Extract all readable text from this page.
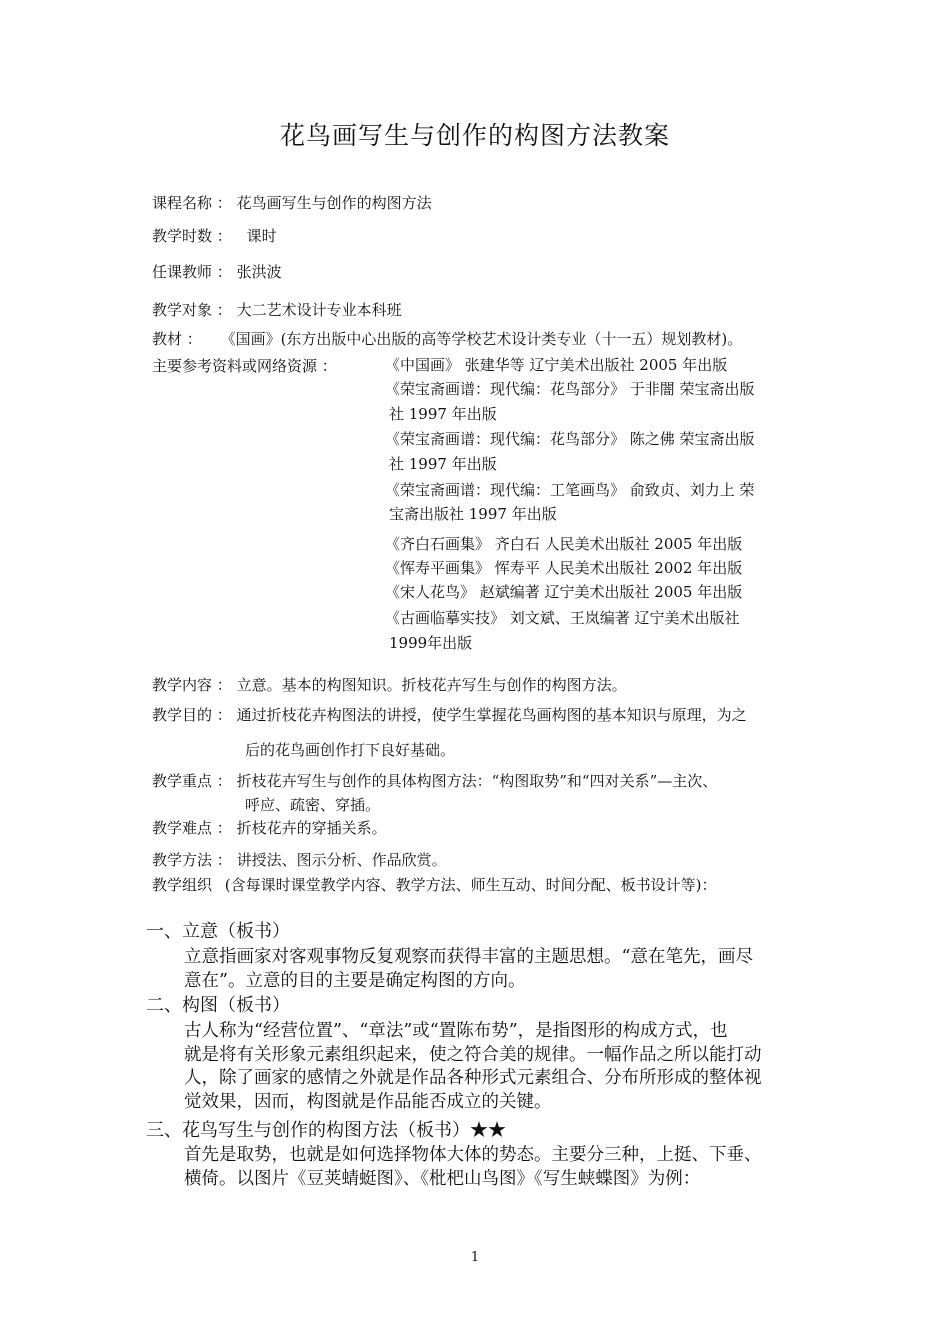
花鸟画写生与创作的构图方法教案
课程名称 ： 花鸟画写生与创作的构图方法
教学时数 ： 课时
任课教师 ： 张洪波
教学对象 ： 大二艺术设计专业本科班
教材 ： 《国画》(东方出版中心出版的高等学校艺术设计类专业（十一五）规划教材)。
主要参考资料或网络资源 ：	《中国画》 张建华等 辽宁美术出版社 2005 年出版
《荣宝斋画谱：现代编：花鸟部分》 于非闇 荣宝斋出版
社 1997 年出版
《荣宝斋画谱：现代编：花鸟部分》 陈之佛 荣宝斋出版
社 1997 年出版
《荣宝斋画谱：现代编：工笔画鸟》 俞致贞、刘力上 荣
宝斋出版社 1997 年出版
《齐白石画集》 齐白石 人民美术出版社 2005 年出版
《恽寿平画集》 恽寿平 人民美术出版社 2002 年出版
《宋人花鸟》 赵斌编著 辽宁美术出版社 2005 年出版
《古画临摹实技》 刘文斌、王岚编著 辽宁美术出版社
1999年出版
教学内容 ： 立意。基本的构图知识。折枝花卉写生与创作的构图方法。
教学目的 ： 通过折枝花卉构图法的讲授，使学生掌握花鸟画构图的基本知识与原理，为之
后的花鸟画创作打下良好基础。
教学重点 ： 折枝花卉写生与创作的具体构图方法：“构图取势”和“四对关系”—主次、
呼应、疏密、穿插。
教学难点 ： 折枝花卉的穿插关系。
教学方法 ： 讲授法、图示分析、作品欣赏。
教学组织 (含每课时课堂教学内容、教学方法、师生互动、时间分配、板书设计等)：
一、立意（板书）
立意指画家对客观事物反复观察而获得丰富的主题思想。“意在笔先，画尽
意在”。立意的目的主要是确定构图的方向。
二、构图（板书）
古人称为“经营位置”、“章法”或“置陈布势”，是指图形的构成方式，也
就是将有关形象元素组织起来，使之符合美的规律。一幅作品之所以能打动
人，除了画家的感情之外就是作品各种形式元素组合、分布所形成的整体视
觉效果，因而，构图就是作品能否成立的关键。
三、花鸟写生与创作的构图方法（板书）★★
首先是取势，也就是如何选择物体大体的势态。主要分三种，上挺、下垂、
横倚。以图片《豆荚蜻蜓图》、《枇杷山鸟图》《写生蛱蝶图》为例：
1
